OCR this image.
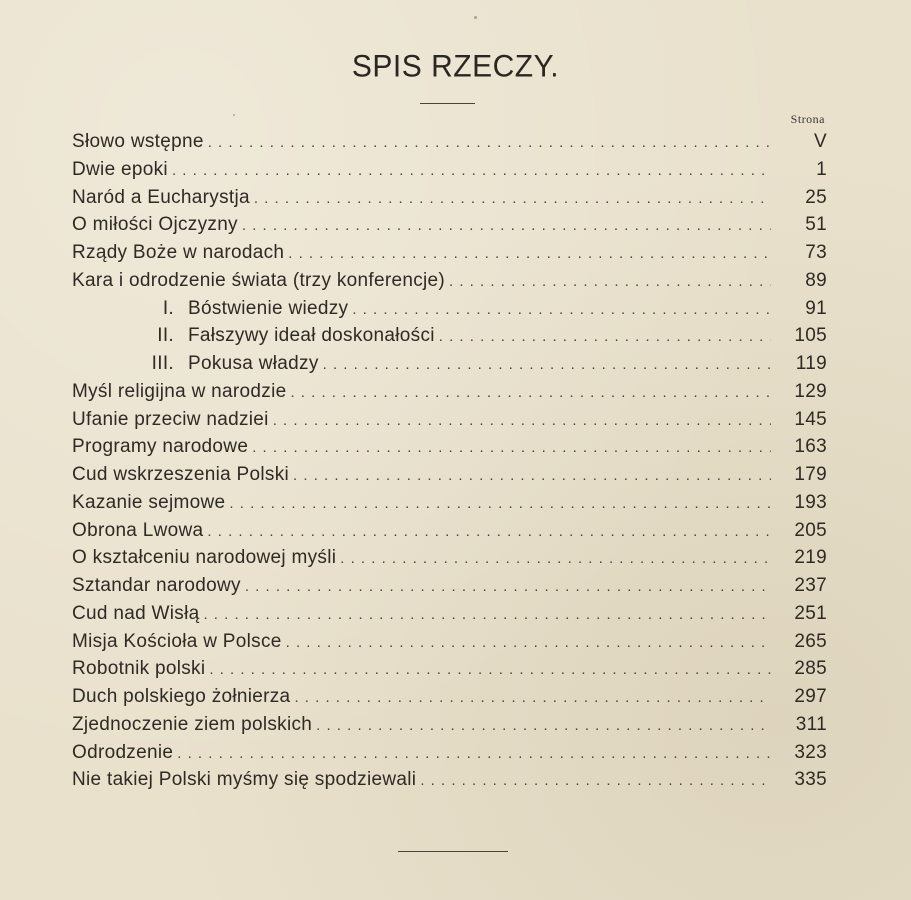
SPIS RZECZY.
Strona
Słowo wstępne . . .	V
Dwie epoki . . .	1
Naród a Eucharystja . . .	25
O miłości Ojczyzny . . .	51
Rządy Boże w narodach . . .	73
Kara i odrodzenie świata (trzy konferencje) . . .	89
I. Bóstwienie wiedzy . . .	91
II. Fałszywy ideał doskonałości . . .	105
III. Pokusa władzy . . .	119
Myśl religijna w narodzie . . .	129
Ufanie przeciw nadziei . . .	145
Programy narodowe . . .	163
Cud wskrzeszenia Polski . . .	179
Kazanie sejmowe . . .	193
Obrona Lwowa . . .	205
O kształceniu narodowej myśli . . .	219
Sztandar narodowy . . .	237
Cud nad Wisłą . . .	251
Misja Kościoła w Polsce . . .	265
Robotnik polski . . .	285
Duch polskiego żołnierza . . .	297
Zjednoczenie ziem polskich . . .	311
Odrodzenie . . .	323
Nie takiej Polski myśmy się spodziewali . . .	335
